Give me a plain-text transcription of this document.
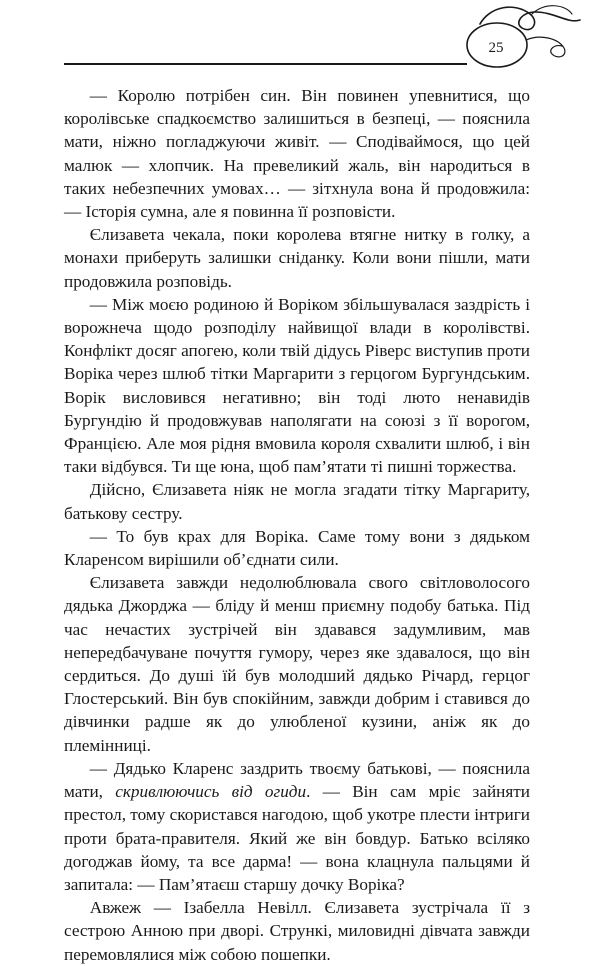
25

— Королю потрібен син. Він повинен упевнитися, що королівське спадкоємство залишиться в безпеці, — пояснила мати, ніжно погладжуючи живіт. — Сподіваймося, що цей малюк — хлопчик. На превеликий жаль, він народиться в таких небезпечних умовах… — зітхнула вона й продовжила: — Історія сумна, але я повинна її розповісти.

Єлизавета чекала, поки королева втягне нитку в голку, а монахи приберуть залишки сніданку. Коли вони пішли, мати продовжила розповідь.

— Між моєю родиною й Воріком збільшувалася заздрість і ворожнеча щодо розподілу найвищої влади в королівстві. Конфлікт досяг апогею, коли твій дідусь Ріверс виступив проти Воріка через шлюб тітки Маргарити з герцогом Бургундським. Ворік висловився негативно; він тоді люто ненавидів Бургундію й продовжував наполягати на союзі з її ворогом, Францією. Але моя рідня вмовила короля схвалити шлюб, і він таки відбувся. Ти ще юна, щоб пам’ятати ті пишні торжества.

Дійсно, Єлизавета ніяк не могла згадати тітку Маргариту, батькову сестру.

— То був крах для Воріка. Саме тому вони з дядьком Кларенсом вирішили об’єднати сили.

Єлизавета завжди недолюблювала свого світловолосого дядька Джорджа — бліду й менш приємну подобу батька. Під час нечастих зустрічей він здавався задумливим, мав непередбачуване почуття гумору, через яке здавалося, що він сердиться. До душі їй був молодший дядько Річард, герцог Глостерський. Він був спокійним, завжди добрим і ставився до дівчинки радше як до улюбленої кузини, аніж як до племінниці.

— Дядько Кларенс заздрить твоєму батькові, — пояснила мати, скривлюючись від огиди. — Він сам мріє зайняти престол, тому скористався нагодою, щоб укотре плести інтриги проти брата-правителя. Який же він бовдур. Батько всіляко догоджав йому, та все дарма! — вона клацнула пальцями й запитала: — Пам’ятаєш старшу дочку Воріка?

Авжеж — Ізабелла Невілл. Єлизавета зустрічала її з сестрою Анною при дворі. Стрункі, миловидні дівчата завжди перемовлялися між собою пошепки.
